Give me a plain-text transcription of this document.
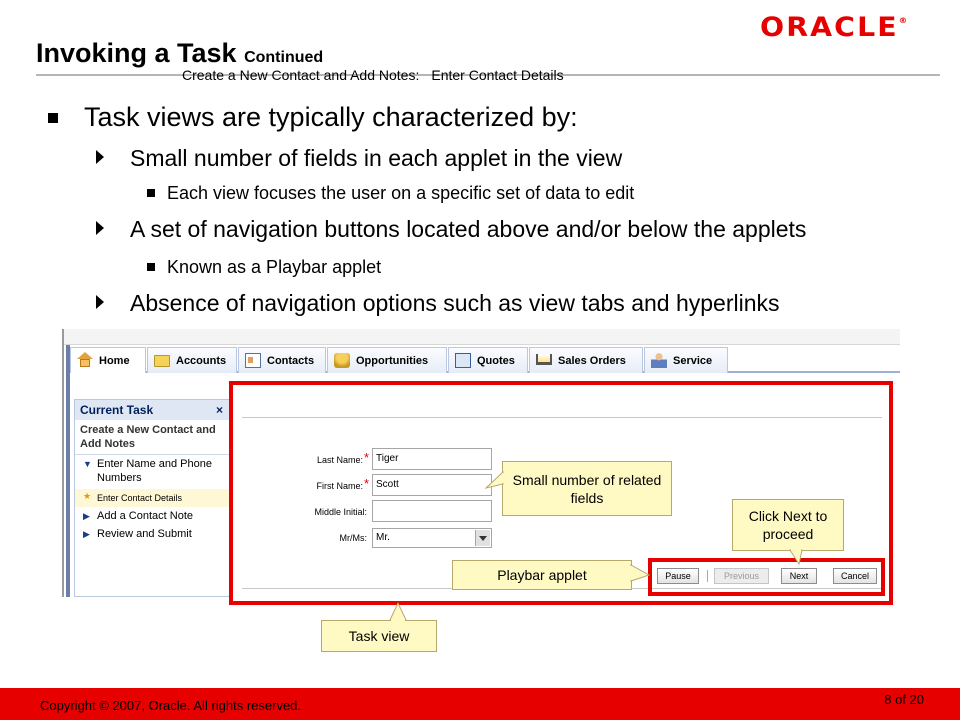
ORACLE®
Invoking a Task Continued
Task views are typically characterized by:
Small number of fields in each applet in the view
Each view focuses the user on a specific set of data to edit
A set of navigation buttons located above and/or below the applets
Known as a Playbar applet
Absence of navigation options such as view tabs and hyperlinks
Home	Accounts	Contacts	Opportunities	Quotes	Sales Orders	Service
Current Task	×
Create a New Contact and Add Notes
▼ Enter Name and Phone Numbers
★ Enter Contact Details
▶ Add a Contact Note
▶ Review and Submit
Create a New Contact and Add Notes: Enter Contact Details
Last Name: * Tiger
First Name: * Scott
Middle Initial:
Mr/Ms: Mr.
Pause	Previous	Next	Cancel
Small number of related fields
Click Next to proceed
Playbar applet
Task view
Copyright © 2007, Oracle. All rights reserved.	8 of 20
